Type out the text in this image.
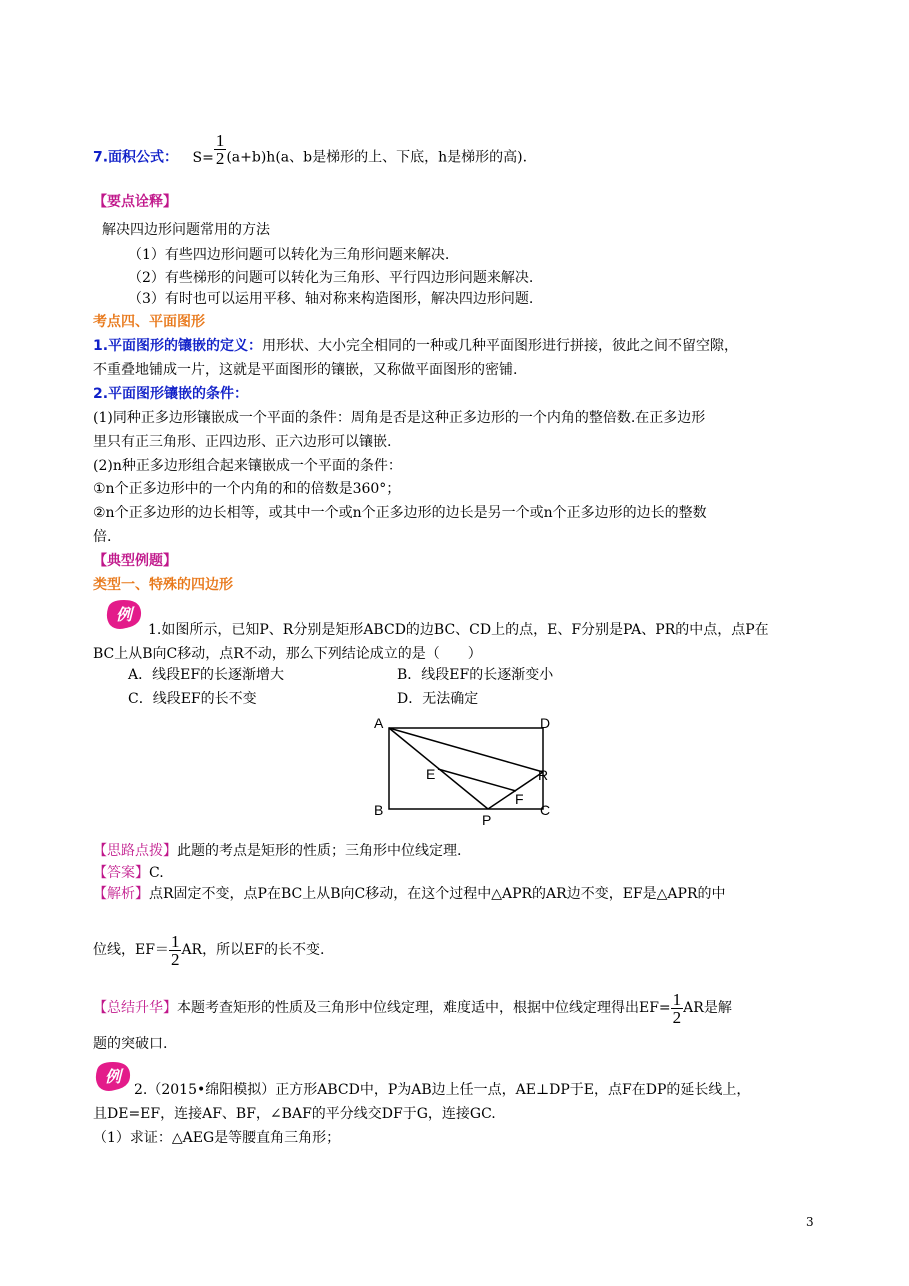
7.面积公式： $S= \frac{1}{2} (a+b)h(a$、b是梯形的上、下底，h是梯形的高).
【要点诠释】
解决四边形问题常用的方法
（1）有些四边形问题可以转化为三角形问题来解决.
（2）有些梯形的问题可以转化为三角形、平行四边形问题来解决.
（3）有时也可以运用平移、轴对称来构造图形，解决四边形问题.
考点四、平面图形
1.平面图形的镶嵌的定义：用形状、大小完全相同的一种或几种平面图形进行拼接，彼此之间不留空隙，
不重叠地铺成一片，这就是平面图形的镶嵌，又称做平面图形的密铺.
2.平面图形镶嵌的条件：
(1)同种正多边形镶嵌成一个平面的条件：周角是否是这种正多边形的一个内角的整倍数.在正多边形
里只有正三角形、正四边形、正六边形可以镶嵌.
(2)n种正多边形组合起来镶嵌成一个平面的条件：
①n个正多边形中的一个内角的和的倍数是360°；
②n个正多边形的边长相等，或其中一个或n个正多边形的边长是另一个或n个正多边形的边长的整数
倍.
【典型例题】
类型一、特殊的四边形
例
1.如图所示，已知P、R分别是矩形ABCD的边BC、CD上的点，E、F分别是PA、PR的中点，点P在
BC上从B向C移动，点R不动，那么下列结论成立的是（　　）
A．线段EF的长逐渐增大	B．线段EF的长逐渐变小
C．线段EF的长不变	D．无法确定
A	D
B	C
E
F
P
R
【思路点拨】此题的考点是矩形的性质；三角形中位线定理.
【答案】C.
【解析】点R固定不变，点P在BC上从B向C移动，在这个过程中△APR的AR边不变，EF是△APR的中
位线，$EF= \frac{1}{2}$ AR，所以EF的长不变.
【总结升华】本题考查矩形的性质及三角形中位线定理，难度适中，根据中位线定理得出$EF= \frac{1}{2}$ AR是解
题的突破口.
例
2.（2015•绵阳模拟）正方形ABCD中，P为AB边上任一点，AE⊥DP于E，点F在DP的延长线上，
且DE=EF，连接AF、BF，∠BAF的平分线交DF于G，连接GC.
（1）求证：△AEG是等腰直角三角形；
3
